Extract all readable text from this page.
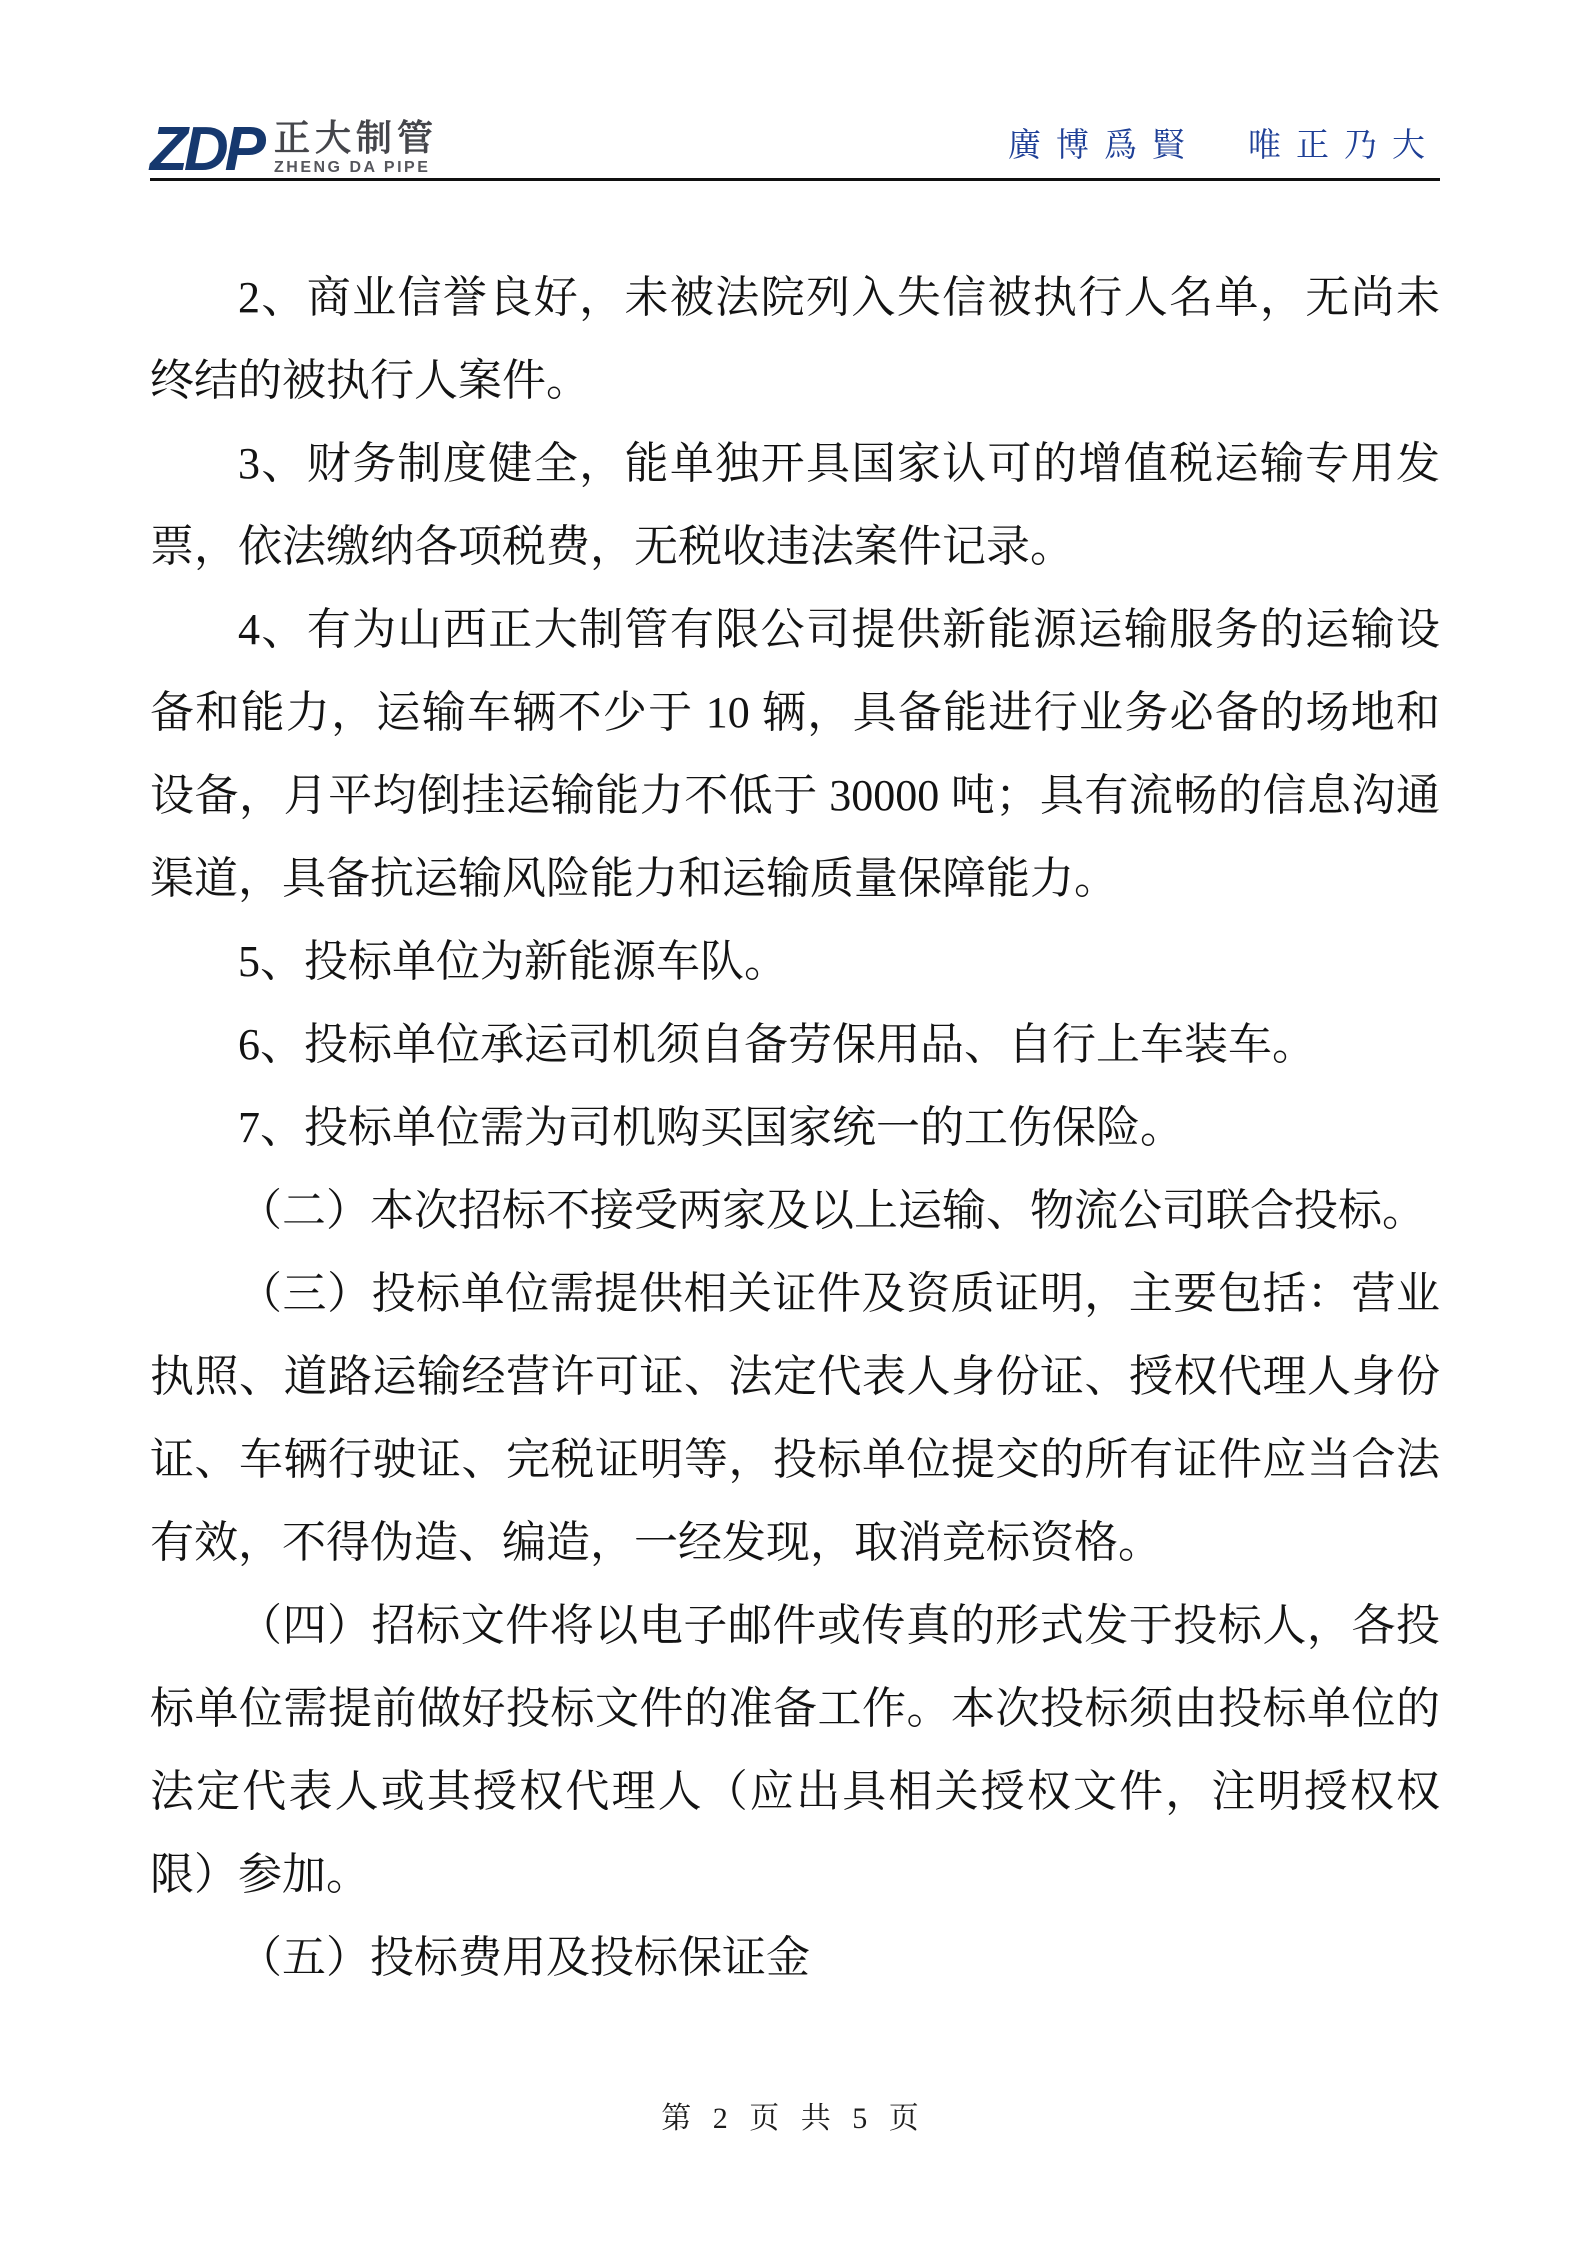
ZDP 正大制管
ZHENG DA PIPE
廣博爲賢　唯正乃大

2、商业信誉良好，未被法院列入失信被执行人名单，无尚未终结的被执行人案件。

3、财务制度健全，能单独开具国家认可的增值税运输专用发票，依法缴纳各项税费，无税收违法案件记录。

4、有为山西正大制管有限公司提供新能源运输服务的运输设备和能力，运输车辆不少于 10 辆，具备能进行业务必备的场地和设备，月平均倒挂运输能力不低于 30000 吨；具有流畅的信息沟通渠道，具备抗运输风险能力和运输质量保障能力。

5、投标单位为新能源车队。

6、投标单位承运司机须自备劳保用品、自行上车装车。

7、投标单位需为司机购买国家统一的工伤保险。

（二）本次招标不接受两家及以上运输、物流公司联合投标。

（三）投标单位需提供相关证件及资质证明，主要包括：营业执照、道路运输经营许可证、法定代表人身份证、授权代理人身份证、车辆行驶证、完税证明等，投标单位提交的所有证件应当合法有效，不得伪造、编造，一经发现，取消竞标资格。

（四）招标文件将以电子邮件或传真的形式发于投标人，各投标单位需提前做好投标文件的准备工作。本次投标须由投标单位的法定代表人或其授权代理人（应出具相关授权文件，注明授权权限）参加。

（五）投标费用及投标保证金

第 2 页 共 5 页
